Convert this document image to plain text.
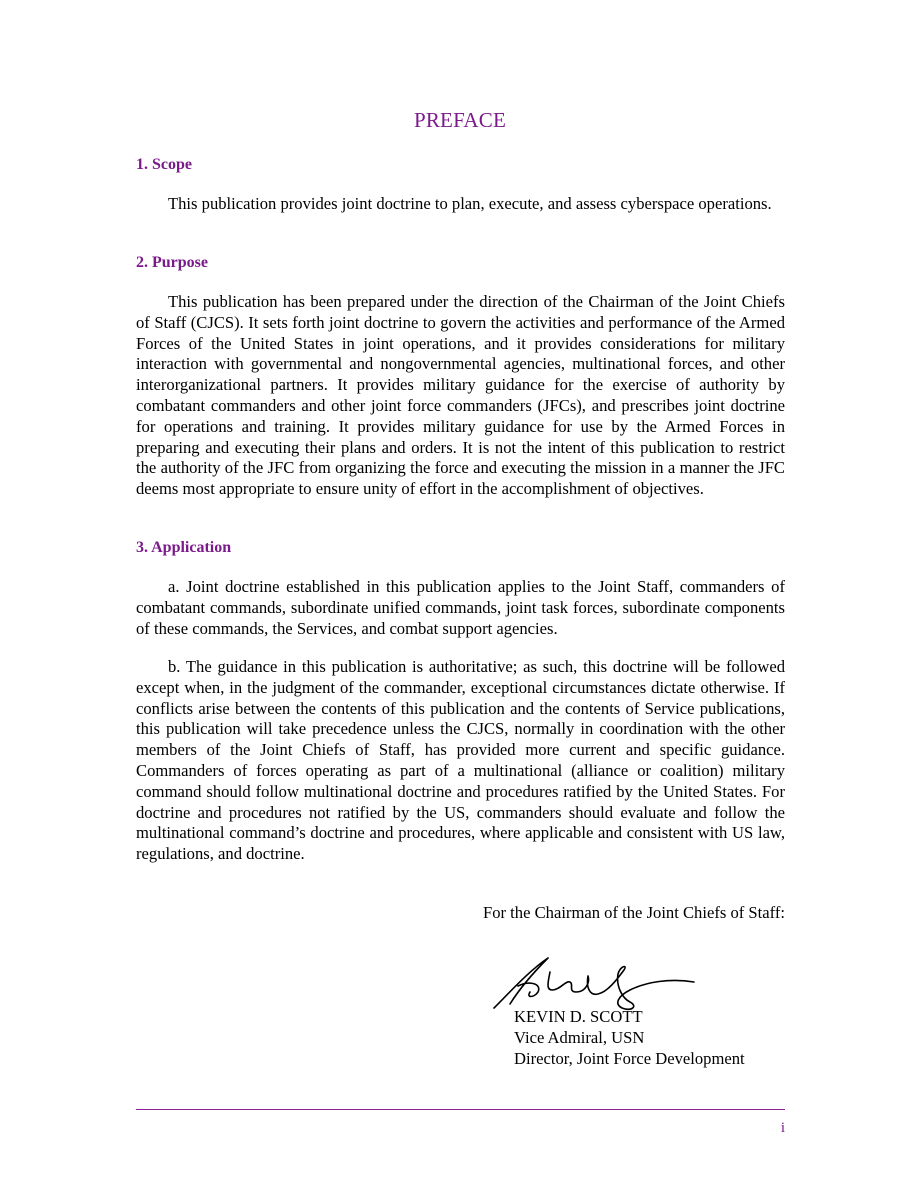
PREFACE
1. Scope

This publication provides joint doctrine to plan, execute, and assess cyberspace operations.

2. Purpose

This publication has been prepared under the direction of the Chairman of the Joint Chiefs of Staff (CJCS). It sets forth joint doctrine to govern the activities and performance of the Armed Forces of the United States in joint operations, and it provides considerations for military interaction with governmental and nongovernmental agencies, multinational forces, and other interorganizational partners. It provides military guidance for the exercise of authority by combatant commanders and other joint force commanders (JFCs), and prescribes joint doctrine for operations and training. It provides military guidance for use by the Armed Forces in preparing and executing their plans and orders. It is not the intent of this publication to restrict the authority of the JFC from organizing the force and executing the mission in a manner the JFC deems most appropriate to ensure unity of effort in the accomplishment of objectives.

3. Application

a. Joint doctrine established in this publication applies to the Joint Staff, commanders of combatant commands, subordinate unified commands, joint task forces, subordinate components of these commands, the Services, and combat support agencies.

b. The guidance in this publication is authoritative; as such, this doctrine will be followed except when, in the judgment of the commander, exceptional circumstances dictate otherwise. If conflicts arise between the contents of this publication and the contents of Service publications, this publication will take precedence unless the CJCS, normally in coordination with the other members of the Joint Chiefs of Staff, has provided more current and specific guidance. Commanders of forces operating as part of a multinational (alliance or coalition) military command should follow multinational doctrine and procedures ratified by the United States. For doctrine and procedures not ratified by the US, commanders should evaluate and follow the multinational command’s doctrine and procedures, where applicable and consistent with US law, regulations, and doctrine.

For the Chairman of the Joint Chiefs of Staff:
KEVIN D. SCOTT
Vice Admiral, USN
Director, Joint Force Development
i
